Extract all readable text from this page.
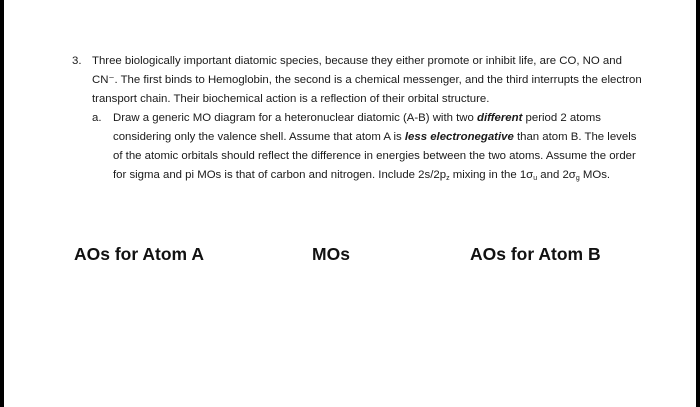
3. Three biologically important diatomic species, because they either promote or inhibit life, are CO, NO and CN⁻. The first binds to Hemoglobin, the second is a chemical messenger, and the third interrupts the electron transport chain. Their biochemical action is a reflection of their orbital structure.
a. Draw a generic MO diagram for a heteronuclear diatomic (A-B) with two different period 2 atoms considering only the valence shell. Assume that atom A is less electronegative than atom B. The levels of the atomic orbitals should reflect the difference in energies between the two atoms. Assume the order for sigma and pi MOs is that of carbon and nitrogen. Include $2s/2p_z$ mixing in the $1\sigma_u$ and $2\sigma_g$ MOs.
AOs for Atom A	MOs	AOs for Atom B
